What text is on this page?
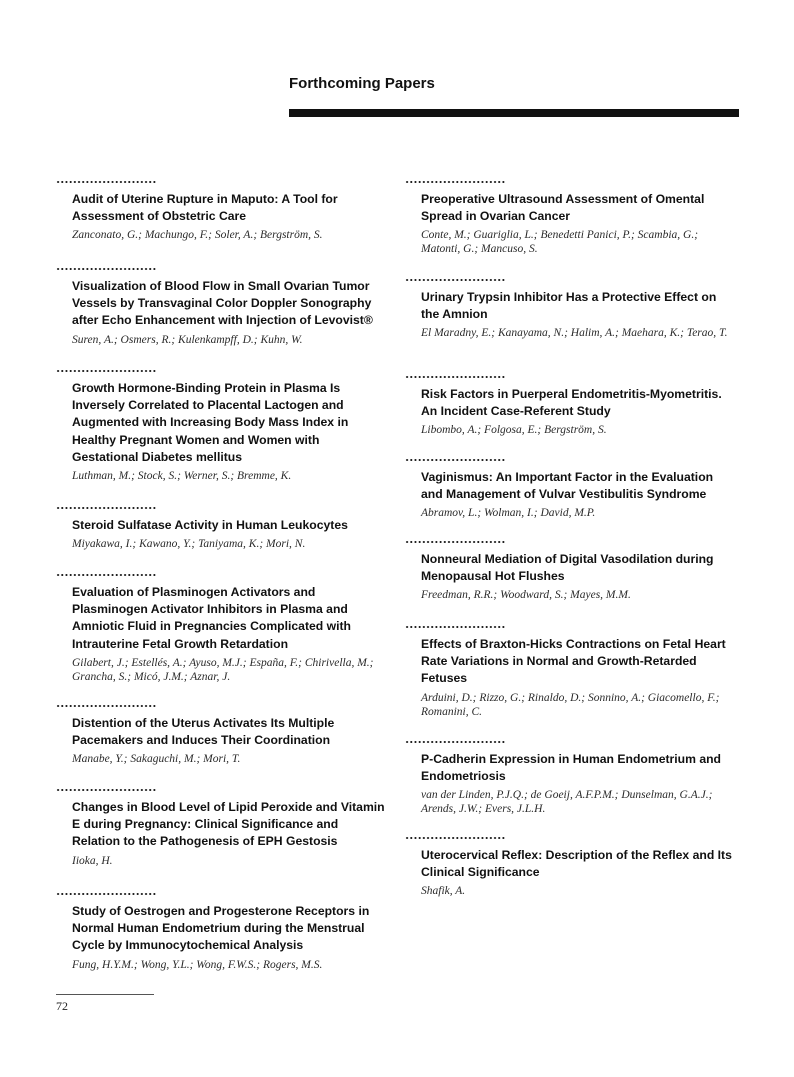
Forthcoming Papers
Audit of Uterine Rupture in Maputo: A Tool for Assessment of Obstetric Care
Zanconato, G.; Machungo, F.; Soler, A.; Bergström, S.
Visualization of Blood Flow in Small Ovarian Tumor Vessels by Transvaginal Color Doppler Sonography after Echo Enhancement with Injection of Levovist®
Suren, A.; Osmers, R.; Kulenkampff, D.; Kuhn, W.
Growth Hormone-Binding Protein in Plasma Is Inversely Correlated to Placental Lactogen and Augmented with Increasing Body Mass Index in Healthy Pregnant Women and Women with Gestational Diabetes mellitus
Luthman, M.; Stock, S.; Werner, S.; Bremme, K.
Steroid Sulfatase Activity in Human Leukocytes
Miyakawa, I.; Kawano, Y.; Taniyama, K.; Mori, N.
Evaluation of Plasminogen Activators and Plasminogen Activator Inhibitors in Plasma and Amniotic Fluid in Pregnancies Complicated with Intrauterine Fetal Growth Retardation
Gilabert, J.; Estellés, A.; Ayuso, M.J.; España, F.; Chirivella, M.; Grancha, S.; Micó, J.M.; Aznar, J.
Distention of the Uterus Activates Its Multiple Pacemakers and Induces Their Coordination
Manabe, Y.; Sakaguchi, M.; Mori, T.
Changes in Blood Level of Lipid Peroxide and Vitamin E during Pregnancy: Clinical Significance and Relation to the Pathogenesis of EPH Gestosis
Iioka, H.
Study of Oestrogen and Progesterone Receptors in Normal Human Endometrium during the Menstrual Cycle by Immunocytochemical Analysis
Fung, H.Y.M.; Wong, Y.L.; Wong, F.W.S.; Rogers, M.S.
Preoperative Ultrasound Assessment of Omental Spread in Ovarian Cancer
Conte, M.; Guariglia, L.; Benedetti Panici, P.; Scambia, G.; Matonti, G.; Mancuso, S.
Urinary Trypsin Inhibitor Has a Protective Effect on the Amnion
El Maradny, E.; Kanayama, N.; Halim, A.; Maehara, K.; Terao, T.
Risk Factors in Puerperal Endometritis-Myometritis. An Incident Case-Referent Study
Libombo, A.; Folgosa, E.; Bergström, S.
Vaginismus: An Important Factor in the Evaluation and Management of Vulvar Vestibulitis Syndrome
Abramov, L.; Wolman, I.; David, M.P.
Nonneural Mediation of Digital Vasodilation during Menopausal Hot Flushes
Freedman, R.R.; Woodward, S.; Mayes, M.M.
Effects of Braxton-Hicks Contractions on Fetal Heart Rate Variations in Normal and Growth-Retarded Fetuses
Arduini, D.; Rizzo, G.; Rinaldo, D.; Sonnino, A.; Giacomello, F.; Romanini, C.
P-Cadherin Expression in Human Endometrium and Endometriosis
van der Linden, P.J.Q.; de Goeij, A.F.P.M.; Dunselman, G.A.J.; Arends, J.W.; Evers, J.L.H.
Uterocervical Reflex: Description of the Reflex and Its Clinical Significance
Shafik, A.
72
